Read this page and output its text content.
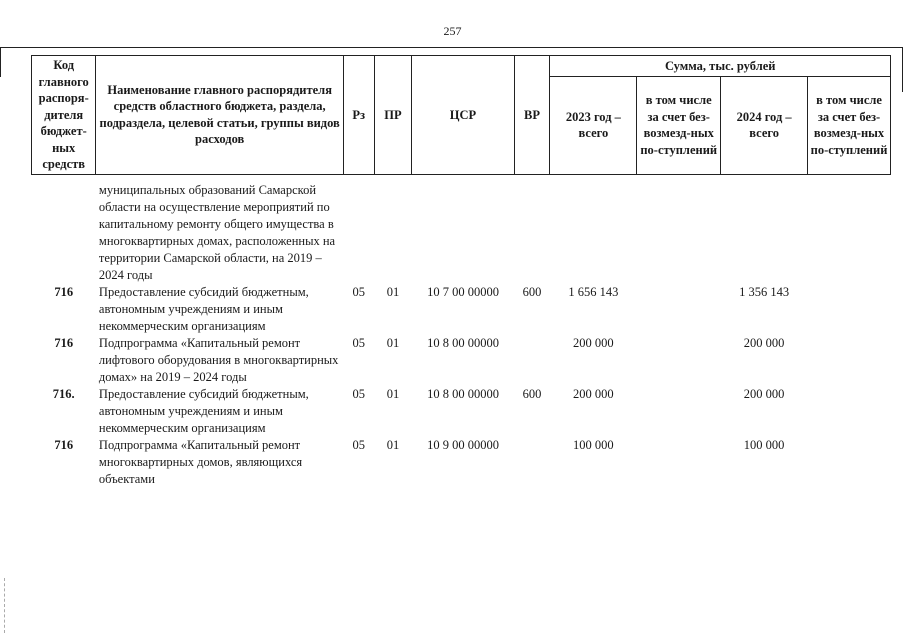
257
Код главного распоря-дителя бюджет-ных средств	Наименование главного распорядителя средств областного бюджета, раздела, подраздела, целевой статьи, группы видов расходов	Рз	ПР	ЦСР	ВР	Сумма, тыс. рублей			
						2023 год – всего	в том числе за счет без-возмезд-ных по-ступлений	2024 год – всего	в том числе за счет без-возмезд-ных по-ступлений

	муниципальных образований Самарской области на осуществление мероприятий по капитальному ремонту общего имущества в многоквартирных домах, расположенных на территории Самарской области, на 2019 – 2024 годы								
716	Предоставление субсидий бюджетным, автономным учреждениям и иным некоммерческим организациям	05	01	10 7 00 00000	600	1 656 143		1 356 143	
716	Подпрограмма «Капитальный ремонт лифтового оборудования в многоквартирных домах» на 2019 – 2024 годы	05	01	10 8 00 00000		200 000		200 000	
716.	Предоставление субсидий бюджетным, автономным учреждениям и иным некоммерческим организациям	05	01	10 8 00 00000	600	200 000		200 000	
716	Подпрограмма «Капитальный ремонт многоквартирных домов, являющихся объектами	05	01	10 9 00 00000		100 000		100 000	
